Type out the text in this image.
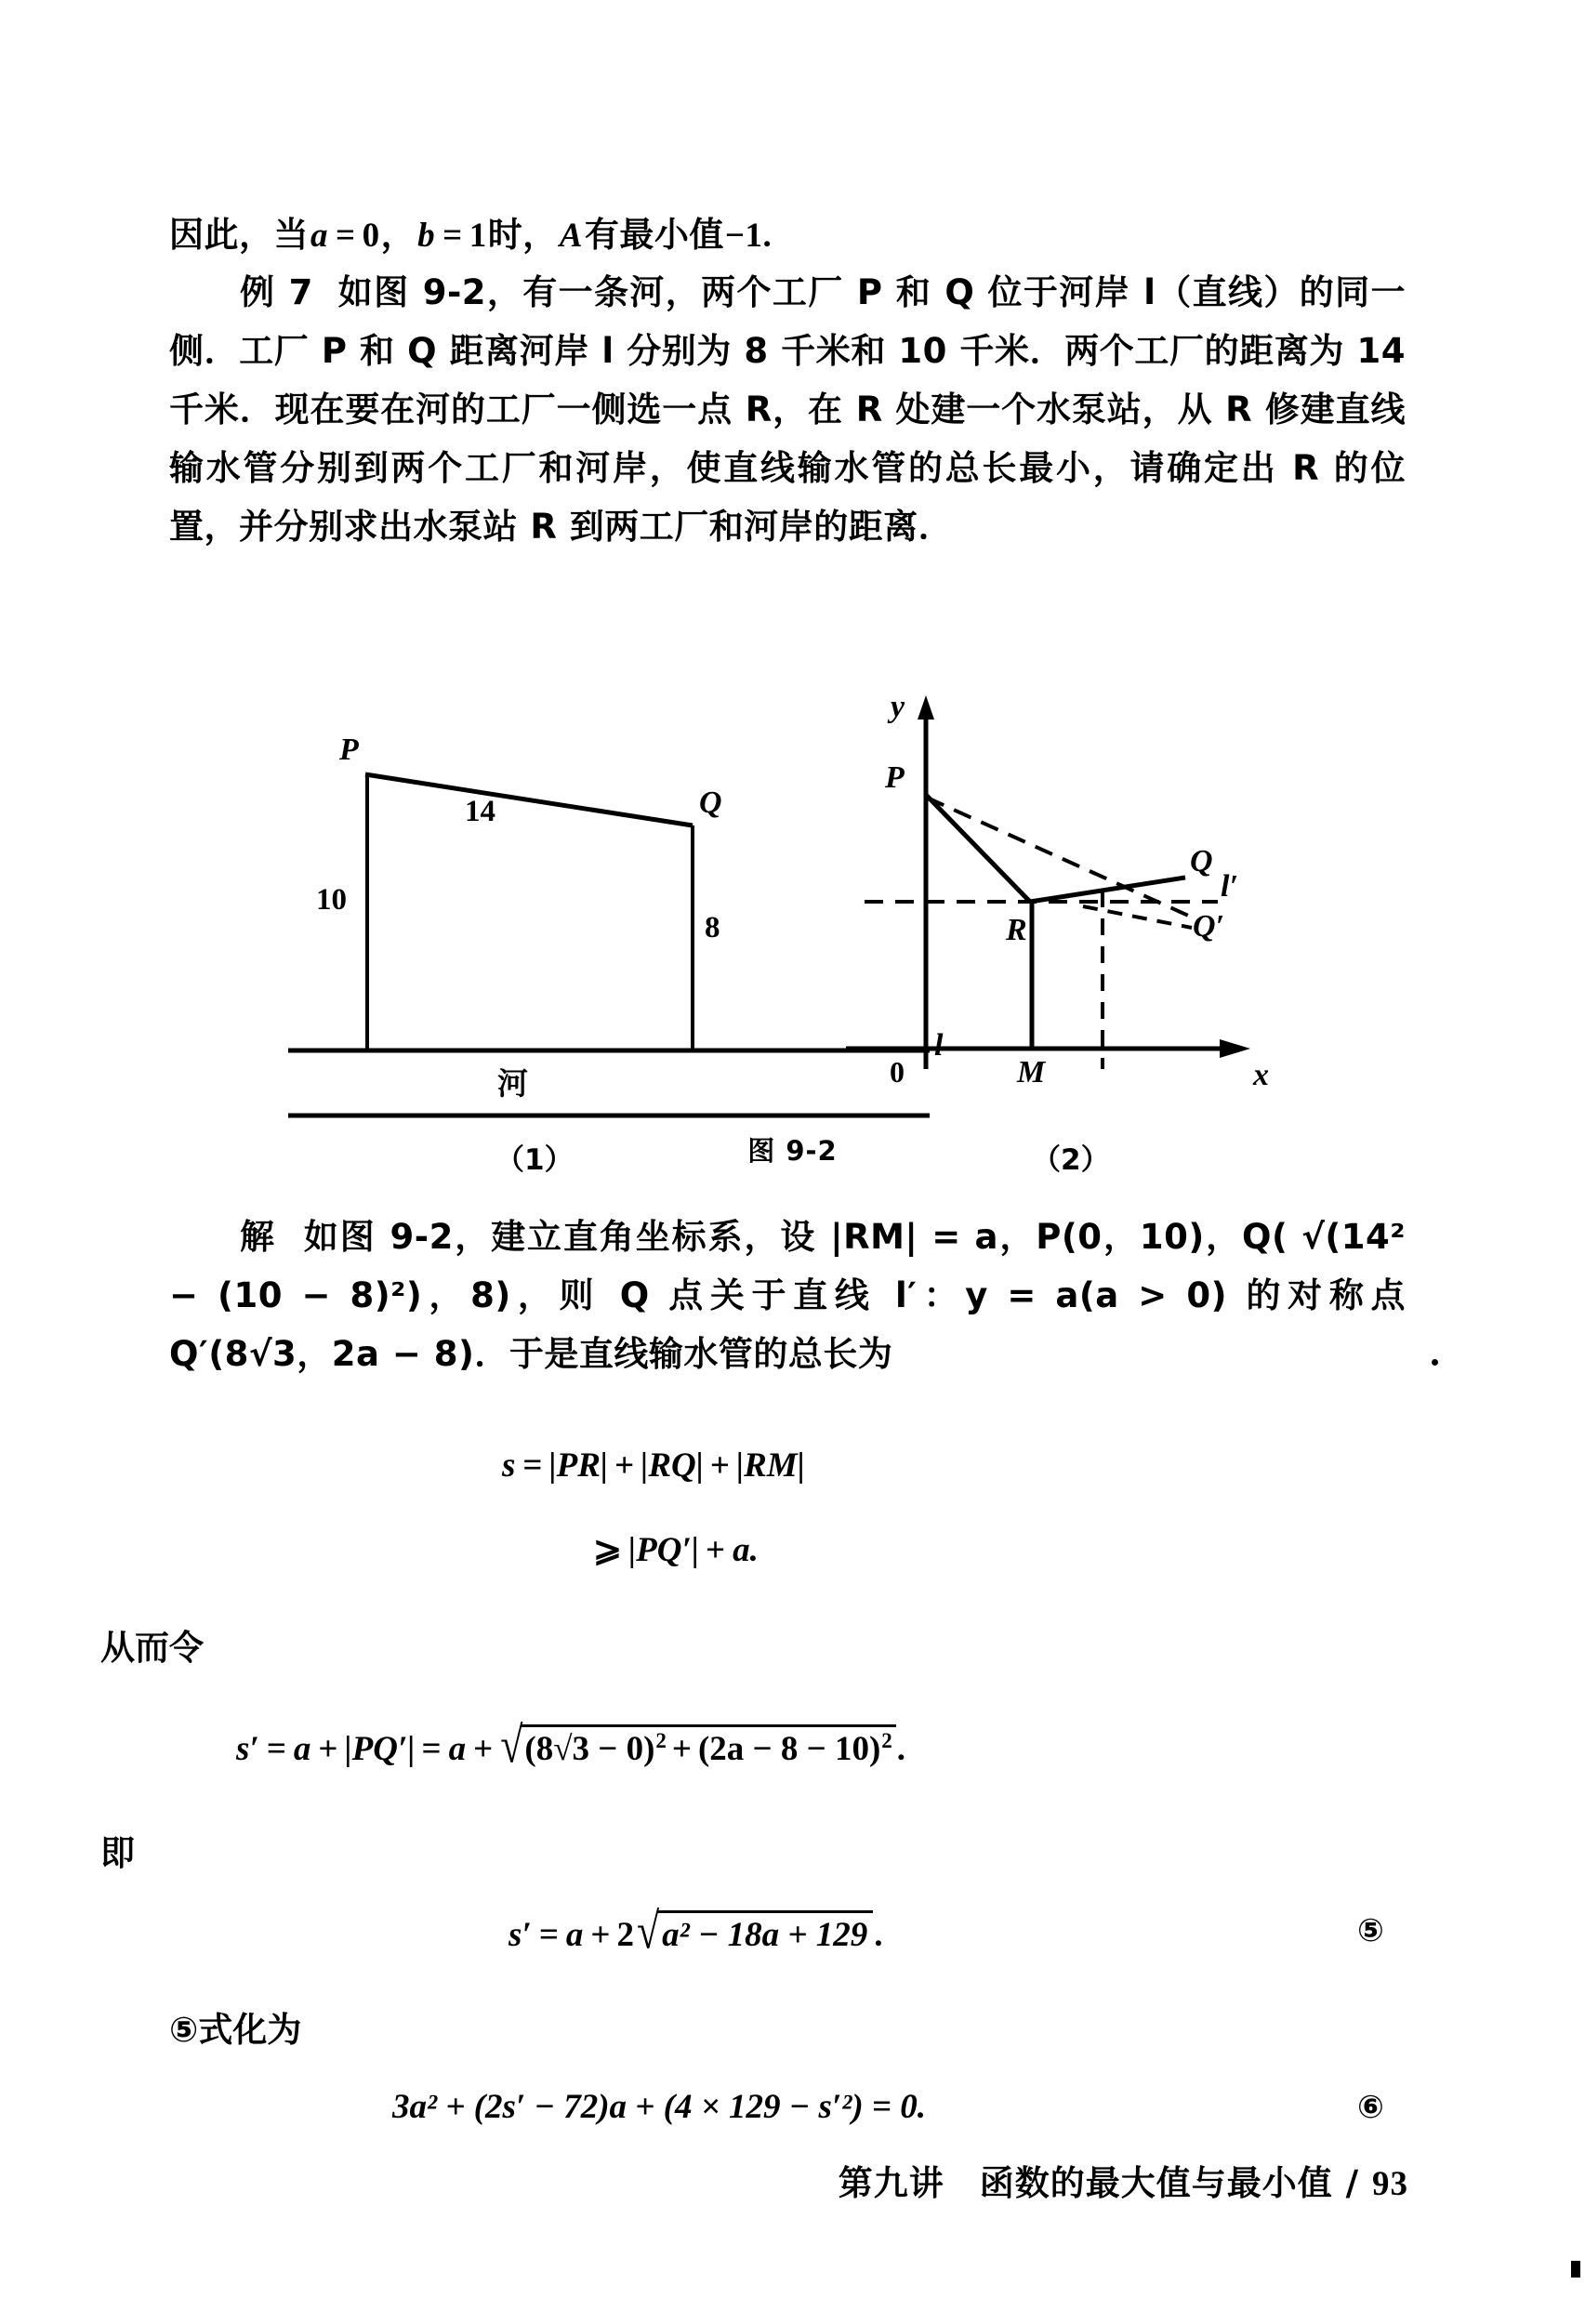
因此，当a = 0，b = 1时，A有最小值−1.
例 7 如图 9-2，有一条河，两个工厂 P 和 Q 位于河岸 l（直线）的同一侧．工厂 P 和 Q 距离河岸 l 分别为 8 千米和 10 千米．两个工厂的距离为 14 千米．现在要在河的工厂一侧选一点 R，在 R 处建一个水泵站，从 R 修建直线输水管分别到两个工厂和河岸，使直线输水管的总长最小，请确定出 R 的位置，并分别求出水泵站 R 到两工厂和河岸的距离．
P
Q
14
10
8
l
河
（1）
y
x
0
P
R
M
Q
l′
Q′
（2）
图 9-2
解 如图 9-2，建立直角坐标系，设 |RM| = a，P(0，10)，Q( √(14² − (10 − 8)²)，8)，则 Q 点关于直线 l′：y = a(a > 0) 的对称点 Q′(8√3，2a − 8)．于是直线输水管的总长为
s = |PR| + |RQ| + |RM|
⩾ |PQ′| + a.
从而令
$s' = a + |PQ'| = a + √(8√3 - 0)^2 + (2a - 8 - 10)^2$ .
即
s′ = a + 2√a² − 18a + 129 .	⑤
⑤式化为
3a² + (2s′ − 72)a + (4 × 129 − s′²) = 0.	⑥
第九讲　函数的最大值与最小值 / 93
